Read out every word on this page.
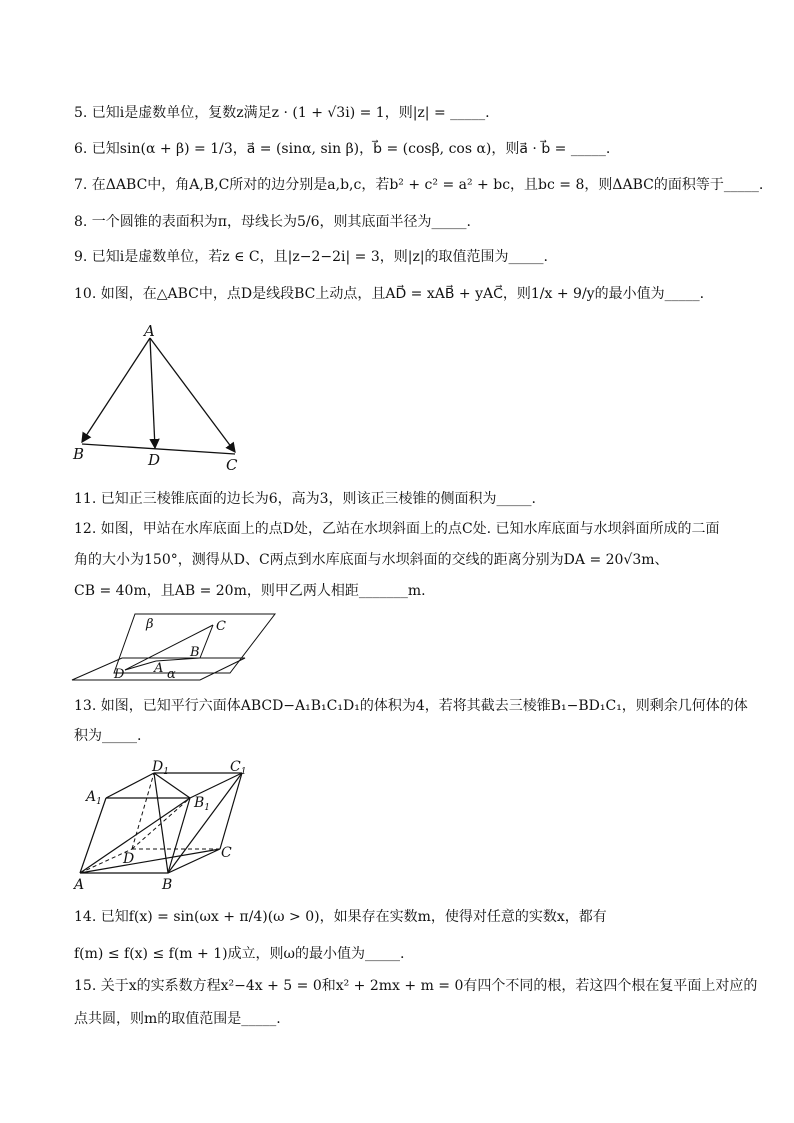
5. 已知i是虚数单位，复数z满足z · (1 + √3i) = 1，则|z| = _____.
6. 已知sin(α + β) = 1/3，a⃗ = (sinα, sin β)，b⃗ = (cosβ, cos α)，则a⃗ · b⃗ = _____.
7. 在ΔABC中，角A,B,C所对的边分别是a,b,c，若b² + c² = a² + bc，且bc = 8，则ΔABC的面积等于_____.
8. 一个圆锥的表面积为π，母线长为5/6，则其底面半径为_____.
9. 已知i是虚数单位，若z ∈ C，且|z−2−2i| = 3，则|z|的取值范围为_____.
10. 如图，在△ABC中，点D是线段BC上动点，且AD⃗ = xAB⃗ + yAC⃗，则1/x + 9/y的最小值为_____.
A
B	D	C
11. 已知正三棱锥底面的边长为6，高为3，则该正三棱锥的侧面积为_____.
12. 如图，甲站在水库底面上的点D处，乙站在水坝斜面上的点C处. 已知水库底面与水坝斜面所成的二面
角的大小为150°，测得从D、C两点到水库底面与水坝斜面的交线的距离分别为DA = 20√3m、
CB = 40m，且AB = 20m，则甲乙两人相距_______m.
β	C
B
A α
D
13. 如图，已知平行六面体ABCD−A₁B₁C₁D₁的体积为4，若将其截去三棱锥B₁−BD₁C₁，则剩余几何体的体
积为_____.
$D_1$	$C_1$
$A_1$	$B_1$
D	C
A	B
14. 已知f(x) = sin(ωx + π/4)(ω > 0)，如果存在实数m，使得对任意的实数x，都有
f(m) ≤ f(x) ≤ f(m + 1)成立，则ω的最小值为_____.
15. 关于x的实系数方程x²−4x + 5 = 0和x² + 2mx + m = 0有四个不同的根，若这四个根在复平面上对应的
点共圆，则m的取值范围是_____.
